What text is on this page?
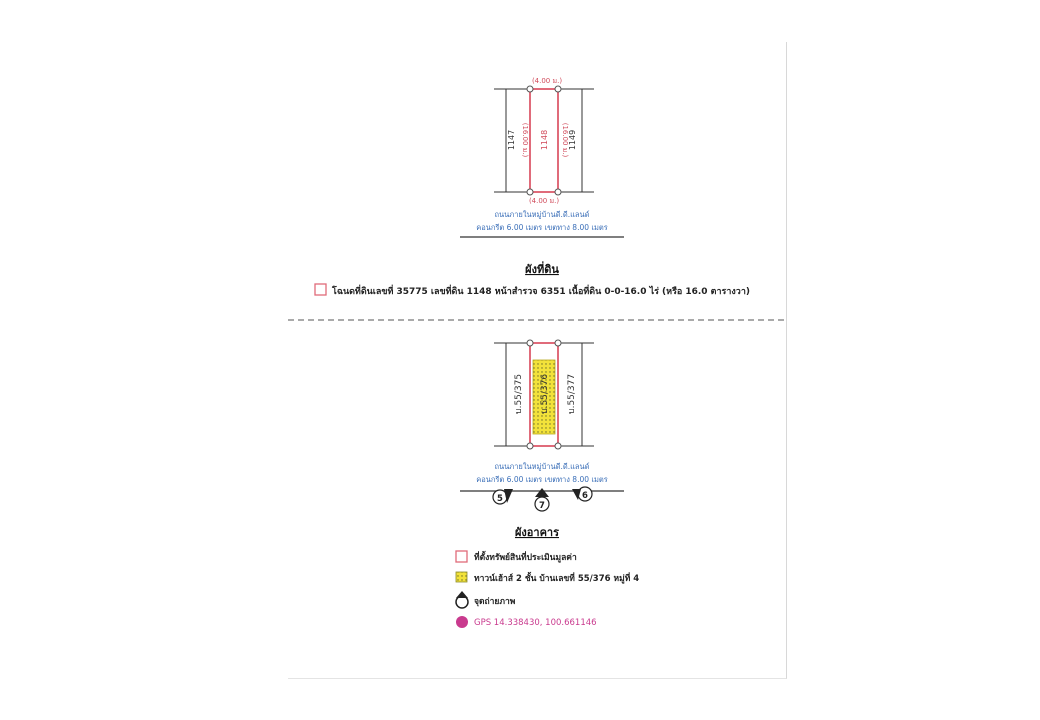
(4.00 ม.)
(4.00 ม.)
(16.00 ม.)	(16.00 ม.)
1147	1148 1149
ถนนภายในหมู่บ้านดี.ดี.แลนด์
คอนกรีต 6.00 เมตร เขตทาง 8.00 เมตร
ผังที่ดิน
โฉนดที่ดินเลขที่ 35775 เลขที่ดิน 1148 หน้าสำรวจ 6351 เนื้อที่ดิน 0-0-16.0 ไร่ (หรือ 16.0 ตารางวา)
บ.55/375 บ.55/376 บ.55/377
ถนนภายในหมู่บ้านดี.ดี.แลนด์
คอนกรีต 6.00 เมตร เขตทาง 8.00 เมตร
5
7
6
ผังอาคาร
ที่ตั้งทรัพย์สินที่ประเมินมูลค่า
ทาวน์เฮ้าส์ 2 ชั้น บ้านเลขที่ 55/376 หมู่ที่ 4
จุดถ่ายภาพ
GPS 14.338430, 100.661146
